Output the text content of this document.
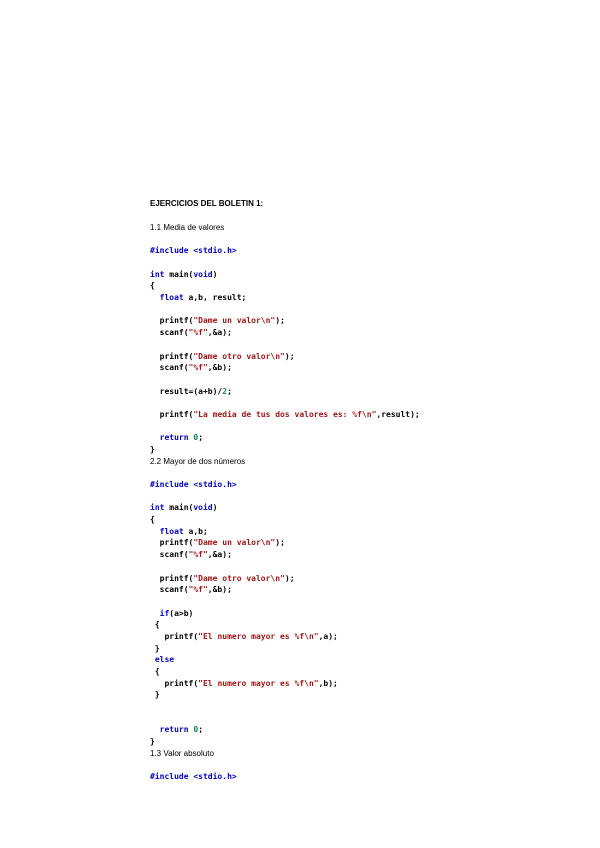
EJERCICIOS DEL BOLETIN 1:
1.1 Media de valores
#include <stdio.h>
int main(void)
{
float a,b, result;

printf("Dame un valor\n");
scanf("%f",&a);

printf("Dame otro valor\n");
scanf("%f",&b);

result=(a+b)/2;

printf("La media de tus dos valores es: %f\n",result);

return 0;
}
2.2 Mayor de dos números
#include <stdio.h>
int main(void)
{
float a,b;
printf("Dame un valor\n");
scanf("%f",&a);

printf("Dame otro valor\n");
scanf("%f",&b);

if(a>b)
{
printf("El numero mayor es %f\n",a);
}
else
{
printf("El numero mayor es %f\n",b);
}

return 0;
}
1.3 Valor absoluto
#include <stdio.h>
